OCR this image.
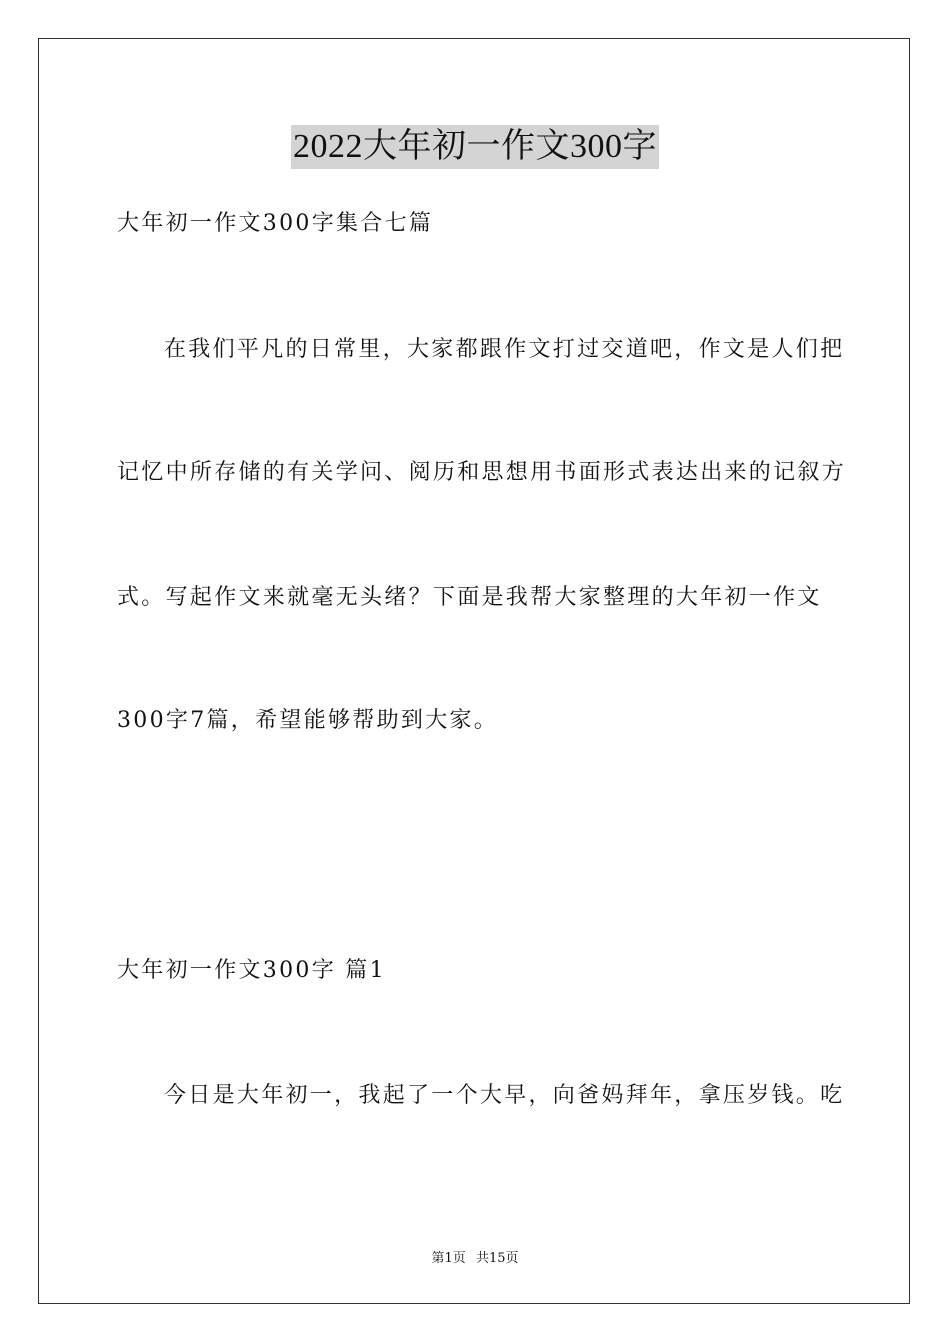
2022大年初一作文300字
大年初一作文300字集合七篇
在我们平凡的日常里，大家都跟作文打过交道吧，作文是人们把
记忆中所存储的有关学问、阅历和思想用书面形式表达出来的记叙方
式。写起作文来就毫无头绪？下面是我帮大家整理的大年初一作文
300字7篇，希望能够帮助到大家。
大年初一作文300字 篇1
今日是大年初一，我起了一个大早，向爸妈拜年，拿压岁钱。吃
第1页 共15页
